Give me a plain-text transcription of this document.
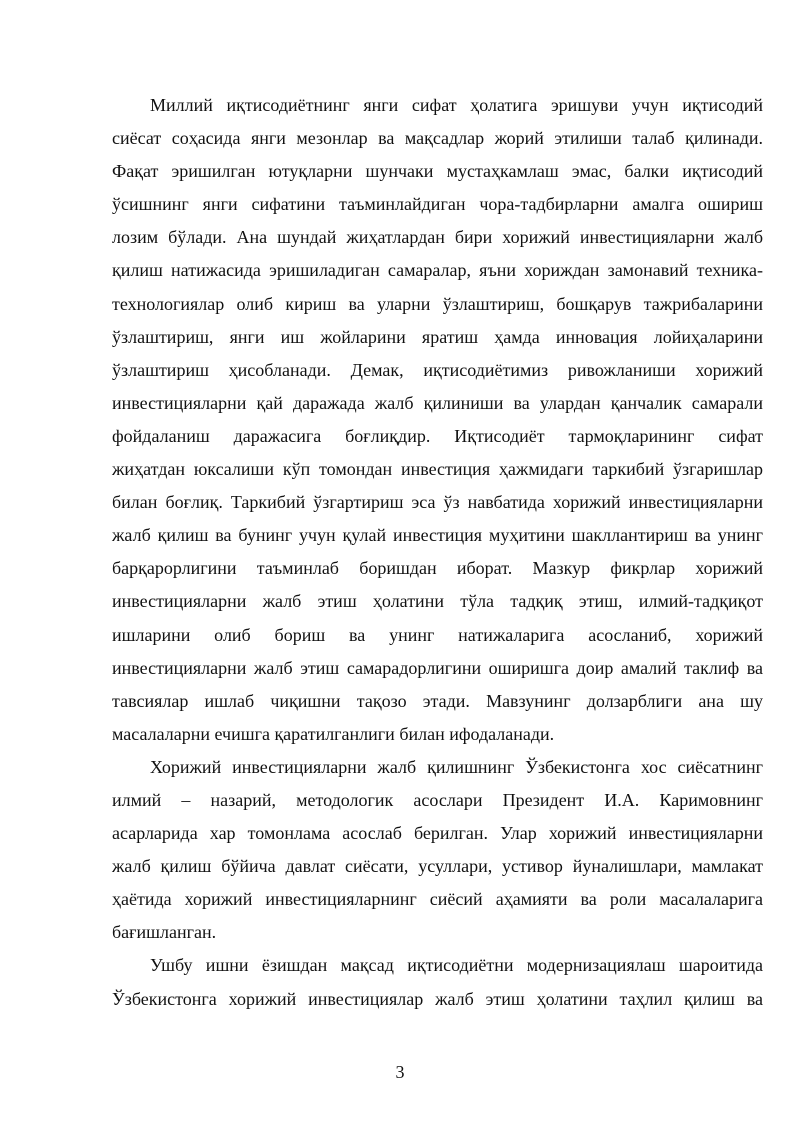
Миллий иқтисодиётнинг янги сифат ҳолатига эришуви учун иқтисодий
сиёсат соҳасида янги мезонлар ва мақсадлар жорий этилиши талаб қилинади.
Фақат эришилган ютуқларни шунчаки мустаҳкамлаш эмас, балки иқтисодий
ўсишнинг янги сифатини таъминлайдиган чора-тадбирларни амалга ошириш
лозим бўлади. Ана шундай жиҳатлардан бири хорижий инвестицияларни жалб
қилиш натижасида эришиладиган самаралар, яъни хориждан замонавий техника-
технологиялар олиб кириш ва уларни ўзлаштириш, бошқарув тажрибаларини
ўзлаштириш, янги иш жойларини яратиш ҳамда инновация лойиҳаларини
ўзлаштириш ҳисобланади. Демак, иқтисодиётимиз ривожланиши хорижий
инвестицияларни қай даражада жалб қилиниши ва улардан қанчалик самарали
фойдаланиш даражасига боғлиқдир. Иқтисодиёт тармоқларининг сифат
жиҳатдан юксалиши кўп томондан инвестиция ҳажмидаги таркибий ўзгаришлар
билан боғлиқ. Таркибий ўзгартириш эса ўз навбатида хорижий инвестицияларни
жалб қилиш ва бунинг учун қулай инвестиция муҳитини шакллантириш ва унинг
барқарорлигини таъминлаб боришдан иборат. Мазкур фикрлар хорижий
инвестицияларни жалб этиш ҳолатини тўла тадқиқ этиш, илмий-тадқиқот
ишларини олиб бориш ва унинг натижаларига асосланиб, хорижий
инвестицияларни жалб этиш самарадорлигини оширишга доир амалий таклиф ва
тавсиялар ишлаб чиқишни тақозо этади. Мавзунинг долзарблиги ана шу
масалаларни ечишга қаратилганлиги билан ифодаланади.
Хорижий инвестицияларни жалб қилишнинг Ўзбекистонга хос сиёсатнинг
илмий – назарий, методологик асослари Президент И.А. Каримовнинг
асарларида хар томонлама асослаб берилган. Улар хорижий инвестицияларни
жалб қилиш бўйича давлат сиёсати, усуллари, устивор йуналишлари, мамлакат
ҳаётида хорижий инвестицияларнинг сиёсий аҳамияти ва роли масалаларига
бағишланган.
Ушбу ишни ёзишдан мақсад иқтисодиётни модернизациялаш шароитида
Ўзбекистонга хорижий инвестициялар жалб этиш ҳолатини таҳлил қилиш ва
3
